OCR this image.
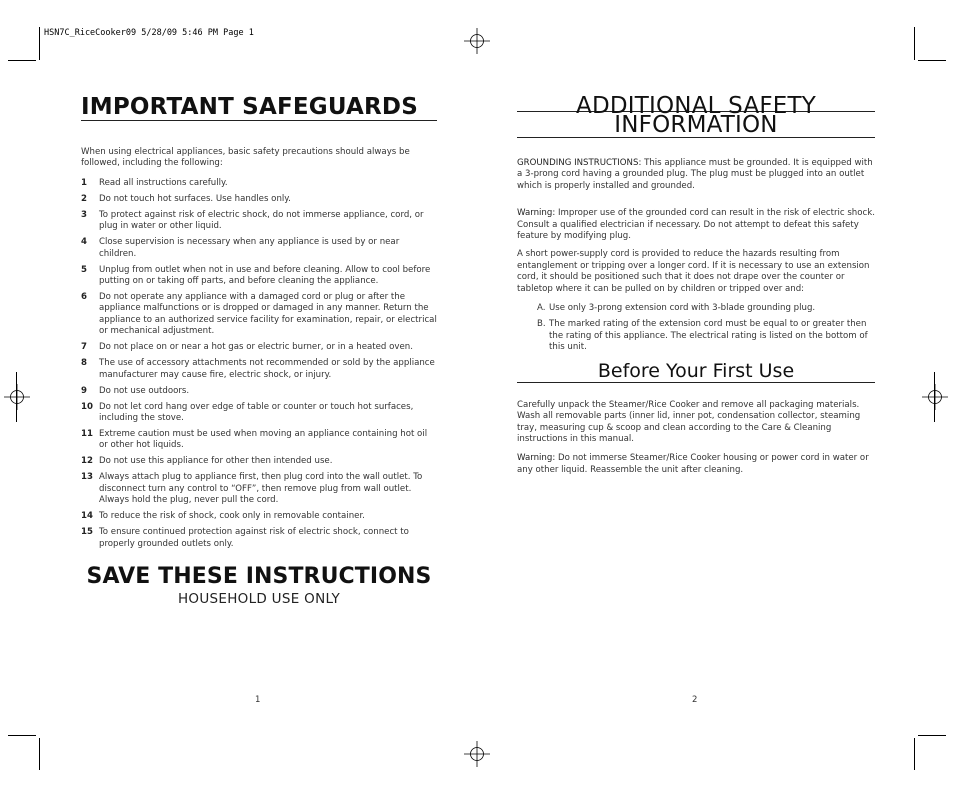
HSN7C_RiceCooker09 5/28/09 5:46 PM Page 1
IMPORTANT SAFEGUARDS

When using electrical appliances, basic safety precautions should always be followed, including the following:

1 Read all instructions carefully.
2 Do not touch hot surfaces. Use handles only.
3 To protect against risk of electric shock, do not immerse appliance, cord, or plug in water or other liquid.
4 Close supervision is necessary when any appliance is used by or near children.
5 Unplug from outlet when not in use and before cleaning. Allow to cool before putting on or taking off parts, and before cleaning the appliance.
6 Do not operate any appliance with a damaged cord or plug or after the appliance malfunctions or is dropped or damaged in any manner. Return the appliance to an authorized service facility for examination, repair, or electrical or mechanical adjustment.
7 Do not place on or near a hot gas or electric burner, or in a heated oven.
8 The use of accessory attachments not recommended or sold by the appliance manufacturer may cause fire, electric shock, or injury.
9 Do not use outdoors.
10 Do not let cord hang over edge of table or counter or touch hot surfaces, including the stove.
11 Extreme caution must be used when moving an appliance containing hot oil or other hot liquids.
12 Do not use this appliance for other then intended use.
13 Always attach plug to appliance first, then plug cord into the wall outlet. To disconnect turn any control to “OFF”, then remove plug from wall outlet. Always hold the plug, never pull the cord.
14 To reduce the risk of shock, cook only in removable container.
15 To ensure continued protection against risk of electric shock, connect to properly grounded outlets only.
SAVE THESE INSTRUCTIONS
HOUSEHOLD USE ONLY
1
ADDITIONAL SAFETY
INFORMATION

GROUNDING INSTRUCTIONS: This appliance must be grounded. It is equipped with a 3-prong cord having a grounded plug. The plug must be plugged into an outlet which is properly installed and grounded.

Warning: Improper use of the grounded cord can result in the risk of electric shock. Consult a qualified electrician if necessary. Do not attempt to defeat this safety feature by modifying plug.

A short power-supply cord is provided to reduce the hazards resulting from entanglement or tripping over a longer cord. If it is necessary to use an extension cord, it should be positioned such that it does not drape over the counter or tabletop where it can be pulled on by children or tripped over and:

A. Use only 3-prong extension cord with 3-blade grounding plug.
B. The marked rating of the extension cord must be equal to or greater then the rating of this appliance. The electrical rating is listed on the bottom of this unit.
Before Your First Use

Carefully unpack the Steamer/Rice Cooker and remove all packaging materials. Wash all removable parts (inner lid, inner pot, condensation collector, steaming tray, measuring cup & scoop and clean according to the Care & Cleaning instructions in this manual.

Warning: Do not immerse Steamer/Rice Cooker housing or power cord in water or any other liquid. Reassemble the unit after cleaning.

2
